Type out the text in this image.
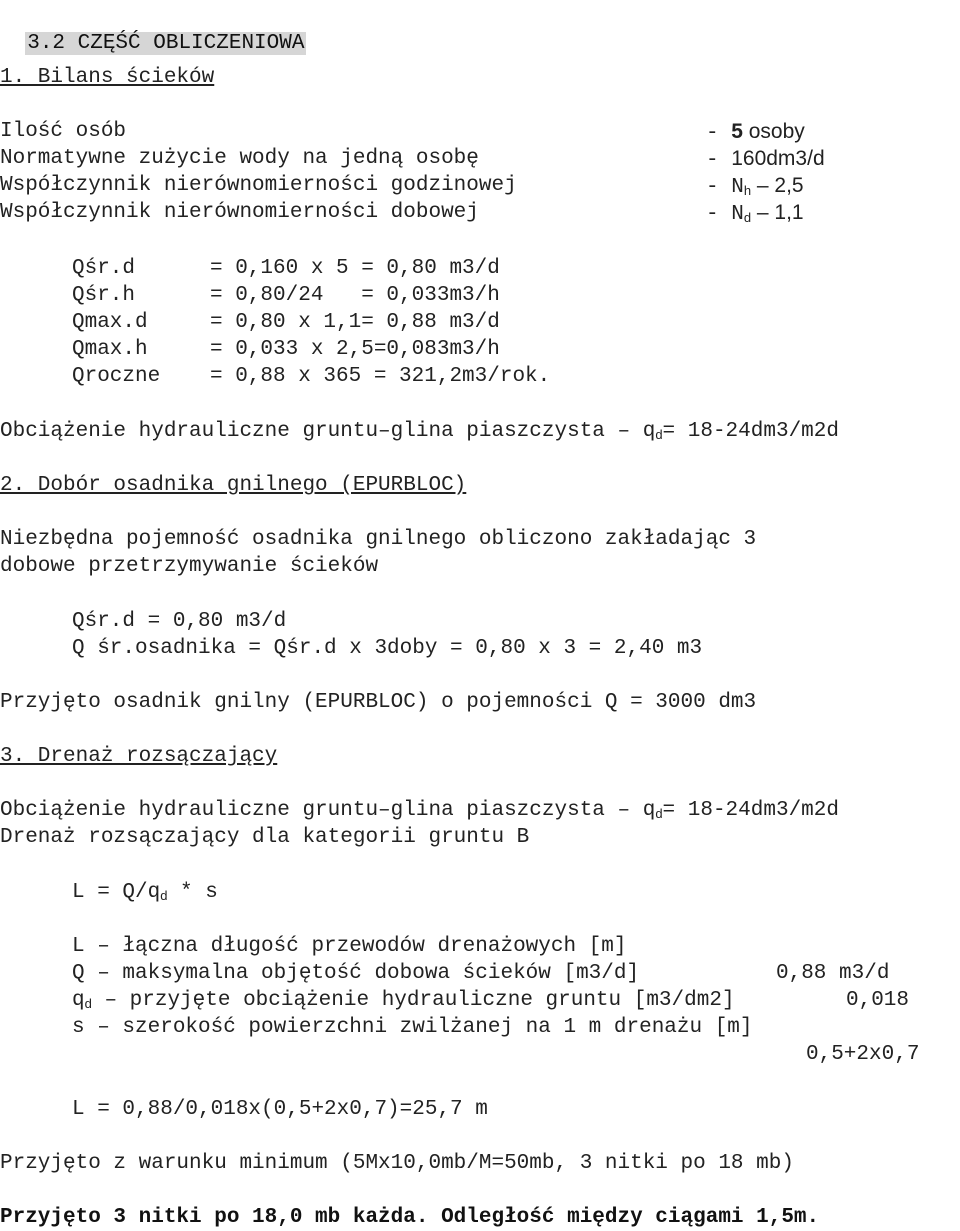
3.2 CZĘŚĆ OBLICZENIOWA

1. Bilans ścieków
Ilość osób	- 5 osoby
Normatywne zużycie wody na jedną osobę	- 160dm3/d
Współczynnik nierównomierności godzinowej	- $N_h - 2,5$
Współczynnik nierównomierności dobowej	- $N_d - 1,1$
Qśr.d	= 0,160 x 5 = 0,80 m3/d
Qśr.h	= 0,80/24   = 0,033m3/h
Qmax.d	= 0,80 x 1,1= 0,88 m3/d
Qmax.h	= 0,033 x 2,5=0,083m3/h
Qroczne = 0,88 x 365 = 321,2m3/rok.
Obciążenie hydrauliczne gruntu–glina piaszczysta – $q_d= 18-24dm3/m2d$
2. Dobór osadnika gnilnego (EPURBLOC)
Niezbędna pojemność osadnika gnilnego obliczono zakładając 3
dobowe przetrzymywanie ścieków
Qśr.d = 0,80 m3/d
Q śr.osadnika = Qśr.d x 3doby = 0,80 x 3 = 2,40 m3
Przyjęto osadnik gnilny (EPURBLOC) o pojemności Q = 3000 dm3
3. Drenaż rozsączający
Obciążenie hydrauliczne gruntu–glina piaszczysta – $q_d= 18-24dm3/m2d$
Drenaż rozsączający dla kategorii gruntu B
$L = Q/q_d * s$
L – łączna długość przewodów drenażowych [m]
Q – maksymalna objętość dobowa ścieków [m3/d]	0,88 m3/d
$q_d$ – przyjęte obciążenie hydrauliczne gruntu [m3/dm2]	0,018
s – szerokość powierzchni zwilżanej na 1 m drenażu [m]
0,5+2x0,7
L = 0,88/0,018x(0,5+2x0,7)=25,7 m
Przyjęto z warunku minimum (5Mx10,0mb/M=50mb, 3 nitki po 18 mb)
Przyjęto 3 nitki po 18,0 mb każda. Odległość między ciągami 1,5m.
